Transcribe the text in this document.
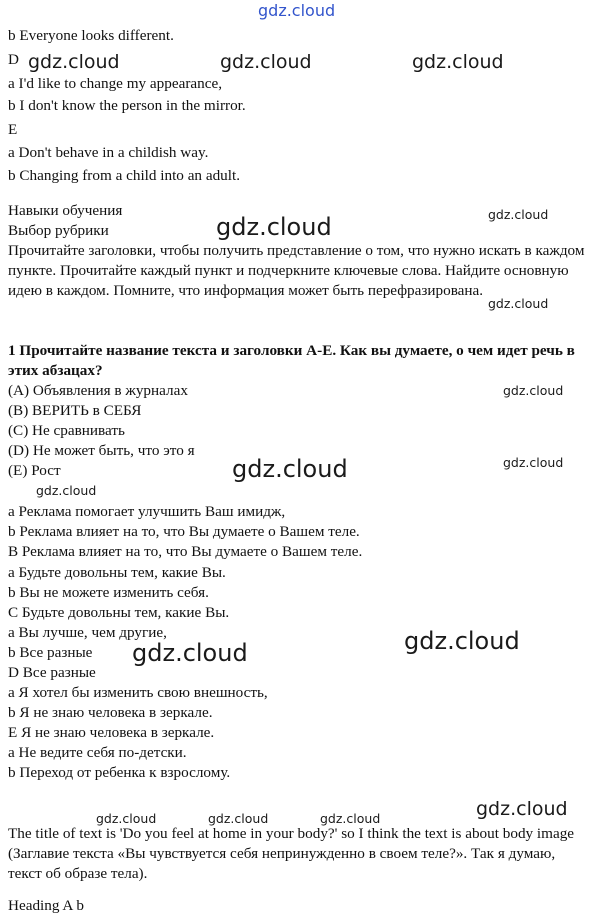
gdz.cloud
gdz.cloud	gdz.cloud	gdz.cloud
gdz.cloud	gdz.cloud
gdz.cloud
gdz.cloud
gdz.cloud
gdz.cloud
gdz.cloud
gdz.cloud
gdz.cloud
gdz.cloud	gdz.cloud	gdz.cloud	gdz.cloud
b Everyone looks different.
D
a I'd like to change my appearance,
b I don't know the person in the mirror.
E
a Don't behave in a childish way.
b Changing from a child into an adult.
Навыки обучения
Выбор рубрики
Прочитайте заголовки, чтобы получить представление о том, что нужно искать в каждом пункте. Прочитайте каждый пункт и подчеркните ключевые слова. Найдите основную идею в каждом. Помните, что информация может быть перефразирована.
1 Прочитайте название текста и заголовки A-E. Как вы думаете, о чем идет речь в этих абзацах?
(A) Объявления в журналах
(B) ВЕРИТЬ в СЕБЯ
(C) Не сравнивать
(D) Не может быть, что это я
(E) Рост
a Реклама помогает улучшить Ваш имидж,
b Реклама влияет на то, что Вы думаете о Вашем теле.
В Реклама влияет на то, что Вы думаете о Вашем теле.
a Будьте довольны тем, какие Вы.
b Вы не можете изменить себя.
С Будьте довольны тем, какие Вы.
a Вы лучше, чем другие,
b Все разные
D Все разные
a Я хотел бы изменить свою внешность,
b Я не знаю человека в зеркале.
Е Я не знаю человека в зеркале.
a Не ведите себя по-детски.
b Переход от ребенка к взрослому.
The title of text is 'Do you feel at home in your body?' so I think the text is about body image (Заглавие текста «Вы чувствуется себя непринужденно в своем теле?». Так я думаю, текст об образе тела).
Heading A b
